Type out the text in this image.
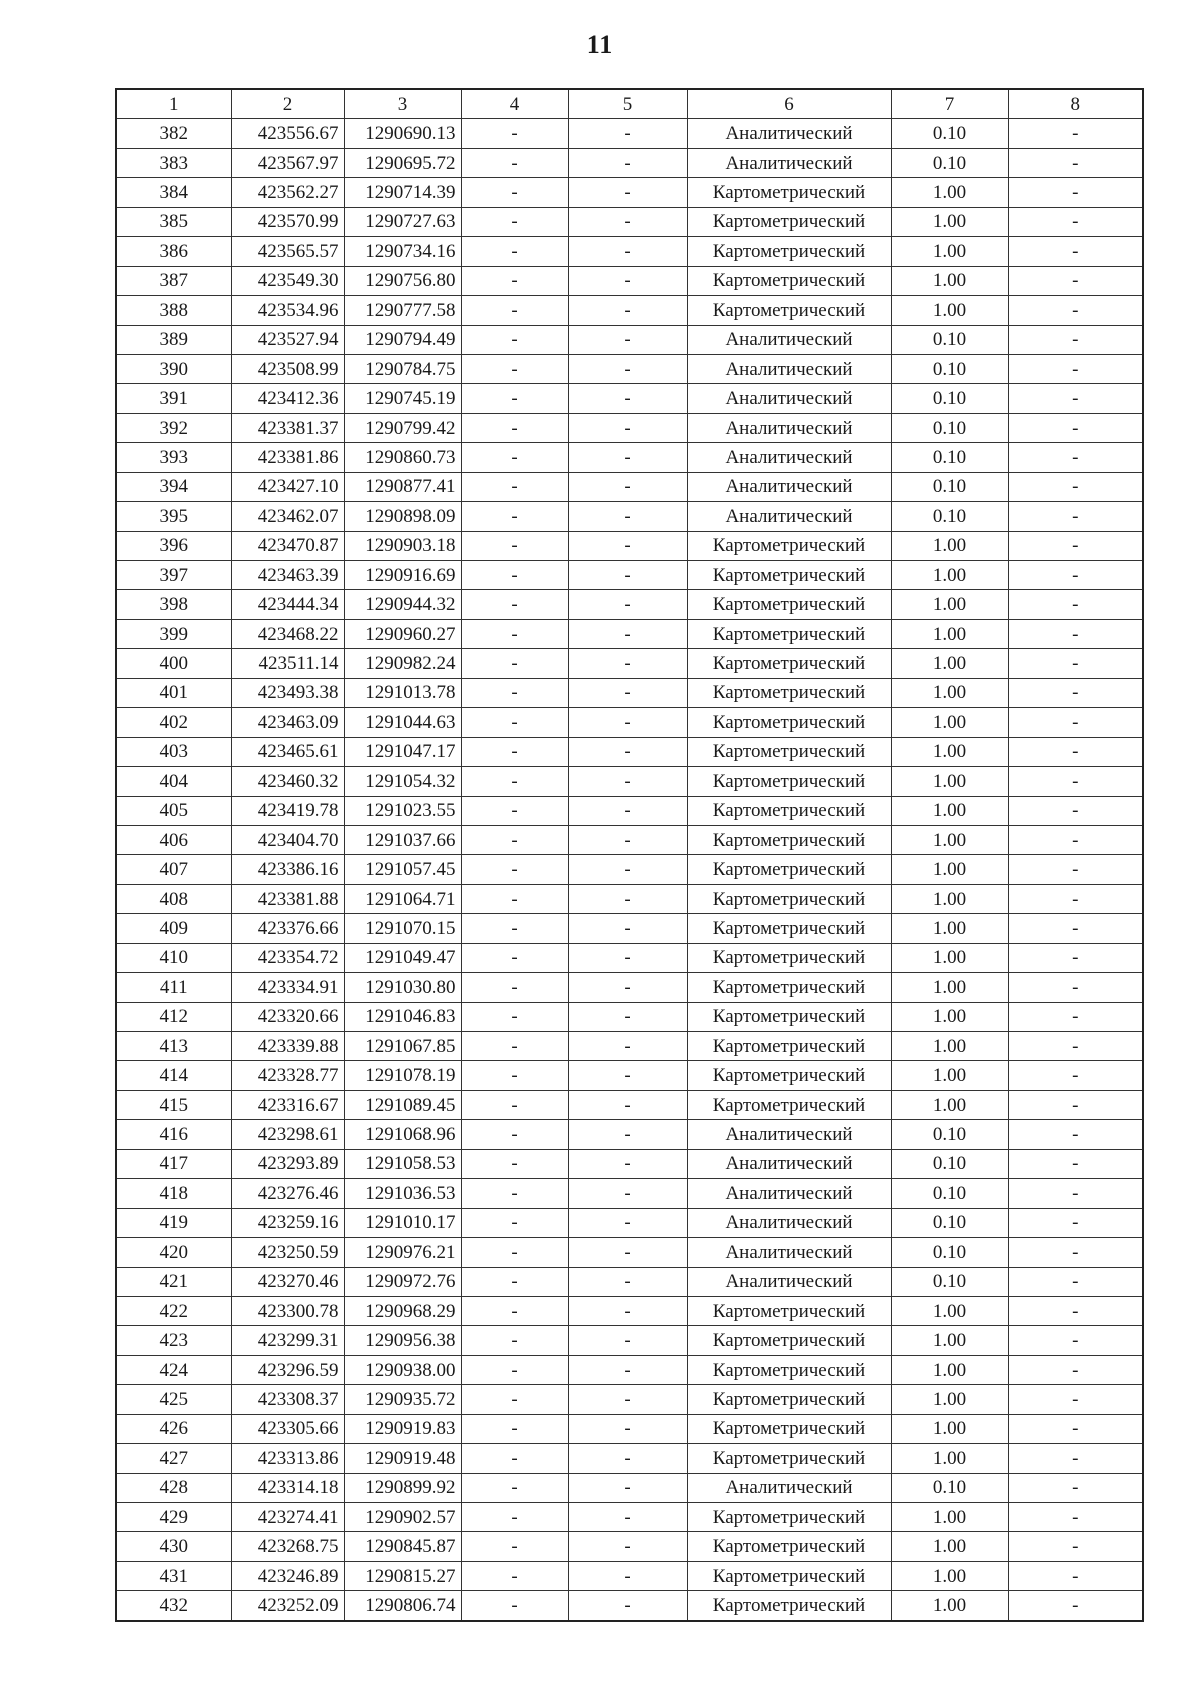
11
1	2	3	4	5	6	7	8
382	423556.67	1290690.13	-	-	Аналитический	0.10	-
383	423567.97	1290695.72	-	-	Аналитический	0.10	-
384	423562.27	1290714.39	-	-	Картометрический	1.00	-
385	423570.99	1290727.63	-	-	Картометрический	1.00	-
386	423565.57	1290734.16	-	-	Картометрический	1.00	-
387	423549.30	1290756.80	-	-	Картометрический	1.00	-
388	423534.96	1290777.58	-	-	Картометрический	1.00	-
389	423527.94	1290794.49	-	-	Аналитический	0.10	-
390	423508.99	1290784.75	-	-	Аналитический	0.10	-
391	423412.36	1290745.19	-	-	Аналитический	0.10	-
392	423381.37	1290799.42	-	-	Аналитический	0.10	-
393	423381.86	1290860.73	-	-	Аналитический	0.10	-
394	423427.10	1290877.41	-	-	Аналитический	0.10	-
395	423462.07	1290898.09	-	-	Аналитический	0.10	-
396	423470.87	1290903.18	-	-	Картометрический	1.00	-
397	423463.39	1290916.69	-	-	Картометрический	1.00	-
398	423444.34	1290944.32	-	-	Картометрический	1.00	-
399	423468.22	1290960.27	-	-	Картометрический	1.00	-
400	423511.14	1290982.24	-	-	Картометрический	1.00	-
401	423493.38	1291013.78	-	-	Картометрический	1.00	-
402	423463.09	1291044.63	-	-	Картометрический	1.00	-
403	423465.61	1291047.17	-	-	Картометрический	1.00	-
404	423460.32	1291054.32	-	-	Картометрический	1.00	-
405	423419.78	1291023.55	-	-	Картометрический	1.00	-
406	423404.70	1291037.66	-	-	Картометрический	1.00	-
407	423386.16	1291057.45	-	-	Картометрический	1.00	-
408	423381.88	1291064.71	-	-	Картометрический	1.00	-
409	423376.66	1291070.15	-	-	Картометрический	1.00	-
410	423354.72	1291049.47	-	-	Картометрический	1.00	-
411	423334.91	1291030.80	-	-	Картометрический	1.00	-
412	423320.66	1291046.83	-	-	Картометрический	1.00	-
413	423339.88	1291067.85	-	-	Картометрический	1.00	-
414	423328.77	1291078.19	-	-	Картометрический	1.00	-
415	423316.67	1291089.45	-	-	Картометрический	1.00	-
416	423298.61	1291068.96	-	-	Аналитический	0.10	-
417	423293.89	1291058.53	-	-	Аналитический	0.10	-
418	423276.46	1291036.53	-	-	Аналитический	0.10	-
419	423259.16	1291010.17	-	-	Аналитический	0.10	-
420	423250.59	1290976.21	-	-	Аналитический	0.10	-
421	423270.46	1290972.76	-	-	Аналитический	0.10	-
422	423300.78	1290968.29	-	-	Картометрический	1.00	-
423	423299.31	1290956.38	-	-	Картометрический	1.00	-
424	423296.59	1290938.00	-	-	Картометрический	1.00	-
425	423308.37	1290935.72	-	-	Картометрический	1.00	-
426	423305.66	1290919.83	-	-	Картометрический	1.00	-
427	423313.86	1290919.48	-	-	Картометрический	1.00	-
428	423314.18	1290899.92	-	-	Аналитический	0.10	-
429	423274.41	1290902.57	-	-	Картометрический	1.00	-
430	423268.75	1290845.87	-	-	Картометрический	1.00	-
431	423246.89	1290815.27	-	-	Картометрический	1.00	-
432	423252.09	1290806.74	-	-	Картометрический	1.00	-
